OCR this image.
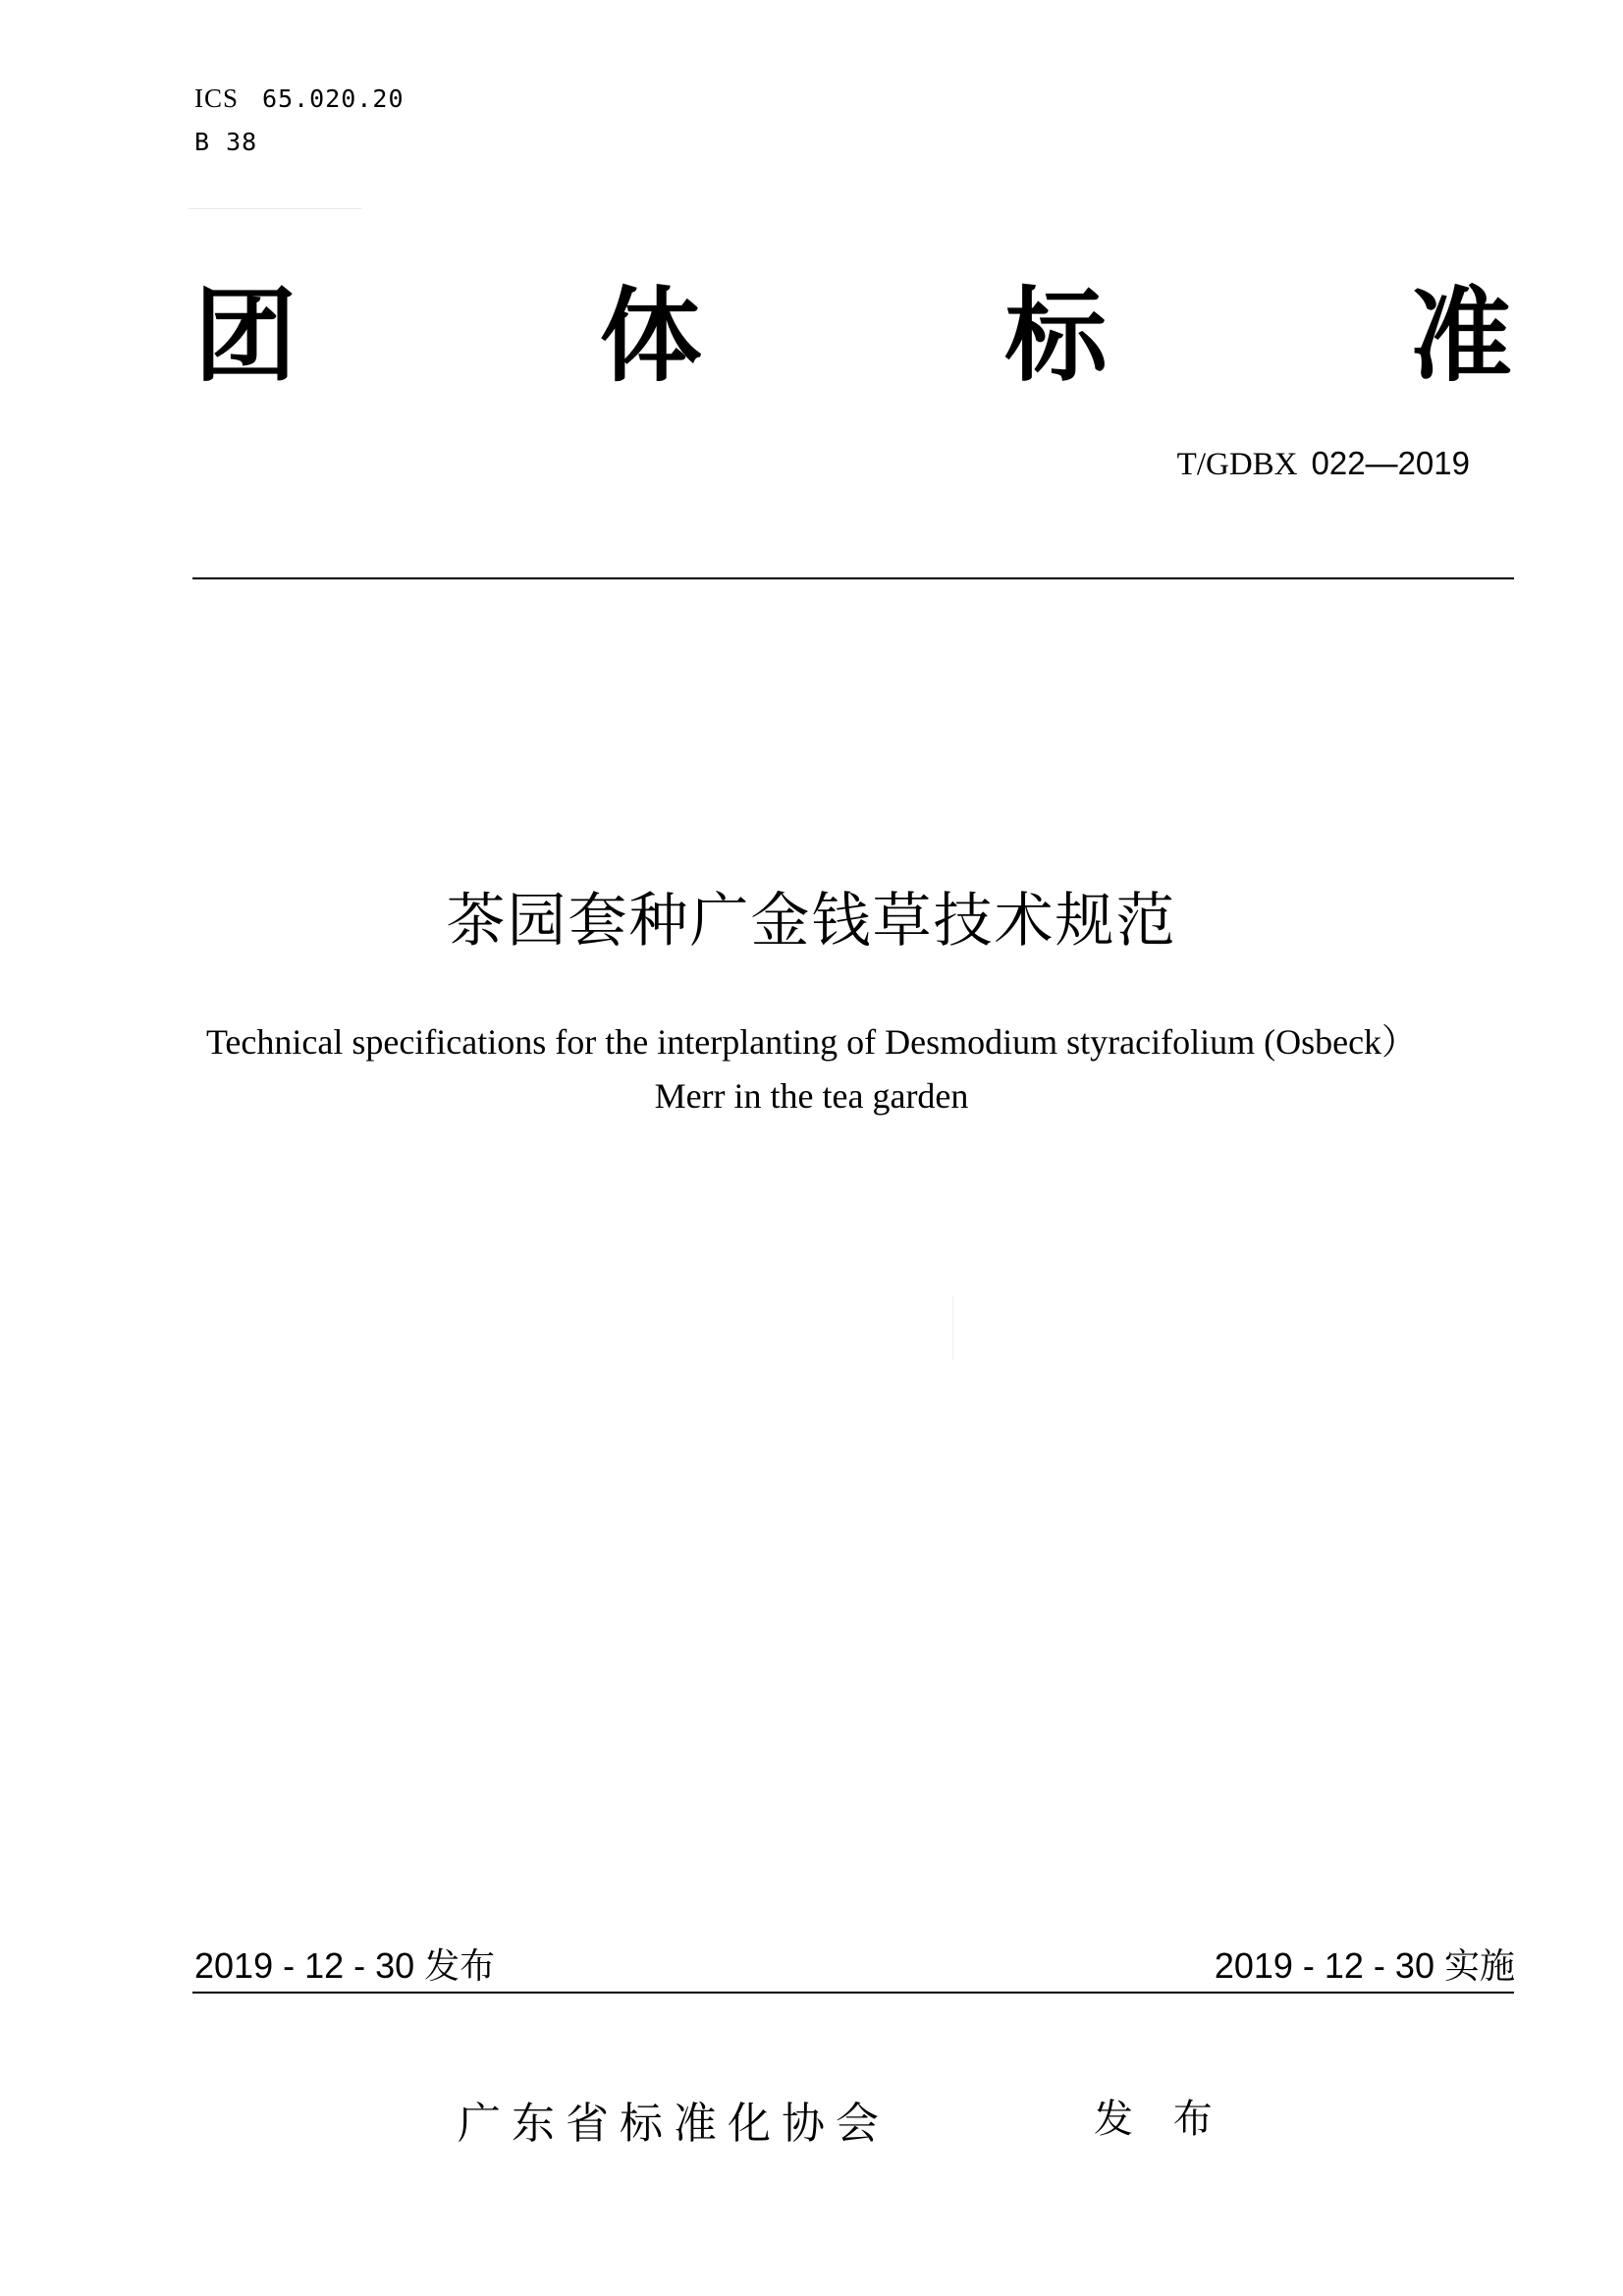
ICS 65.020.20
B 38
团	体	标	准
T/GDBX 022—2019
茶园套种广金钱草技术规范
Technical specifications for the interplanting of Desmodium styracifolium (Osbeck）
Merr in the tea garden
2019 - 12 - 30 发布	2019 - 12 - 30 实施
广东省标准化协会	发 布
